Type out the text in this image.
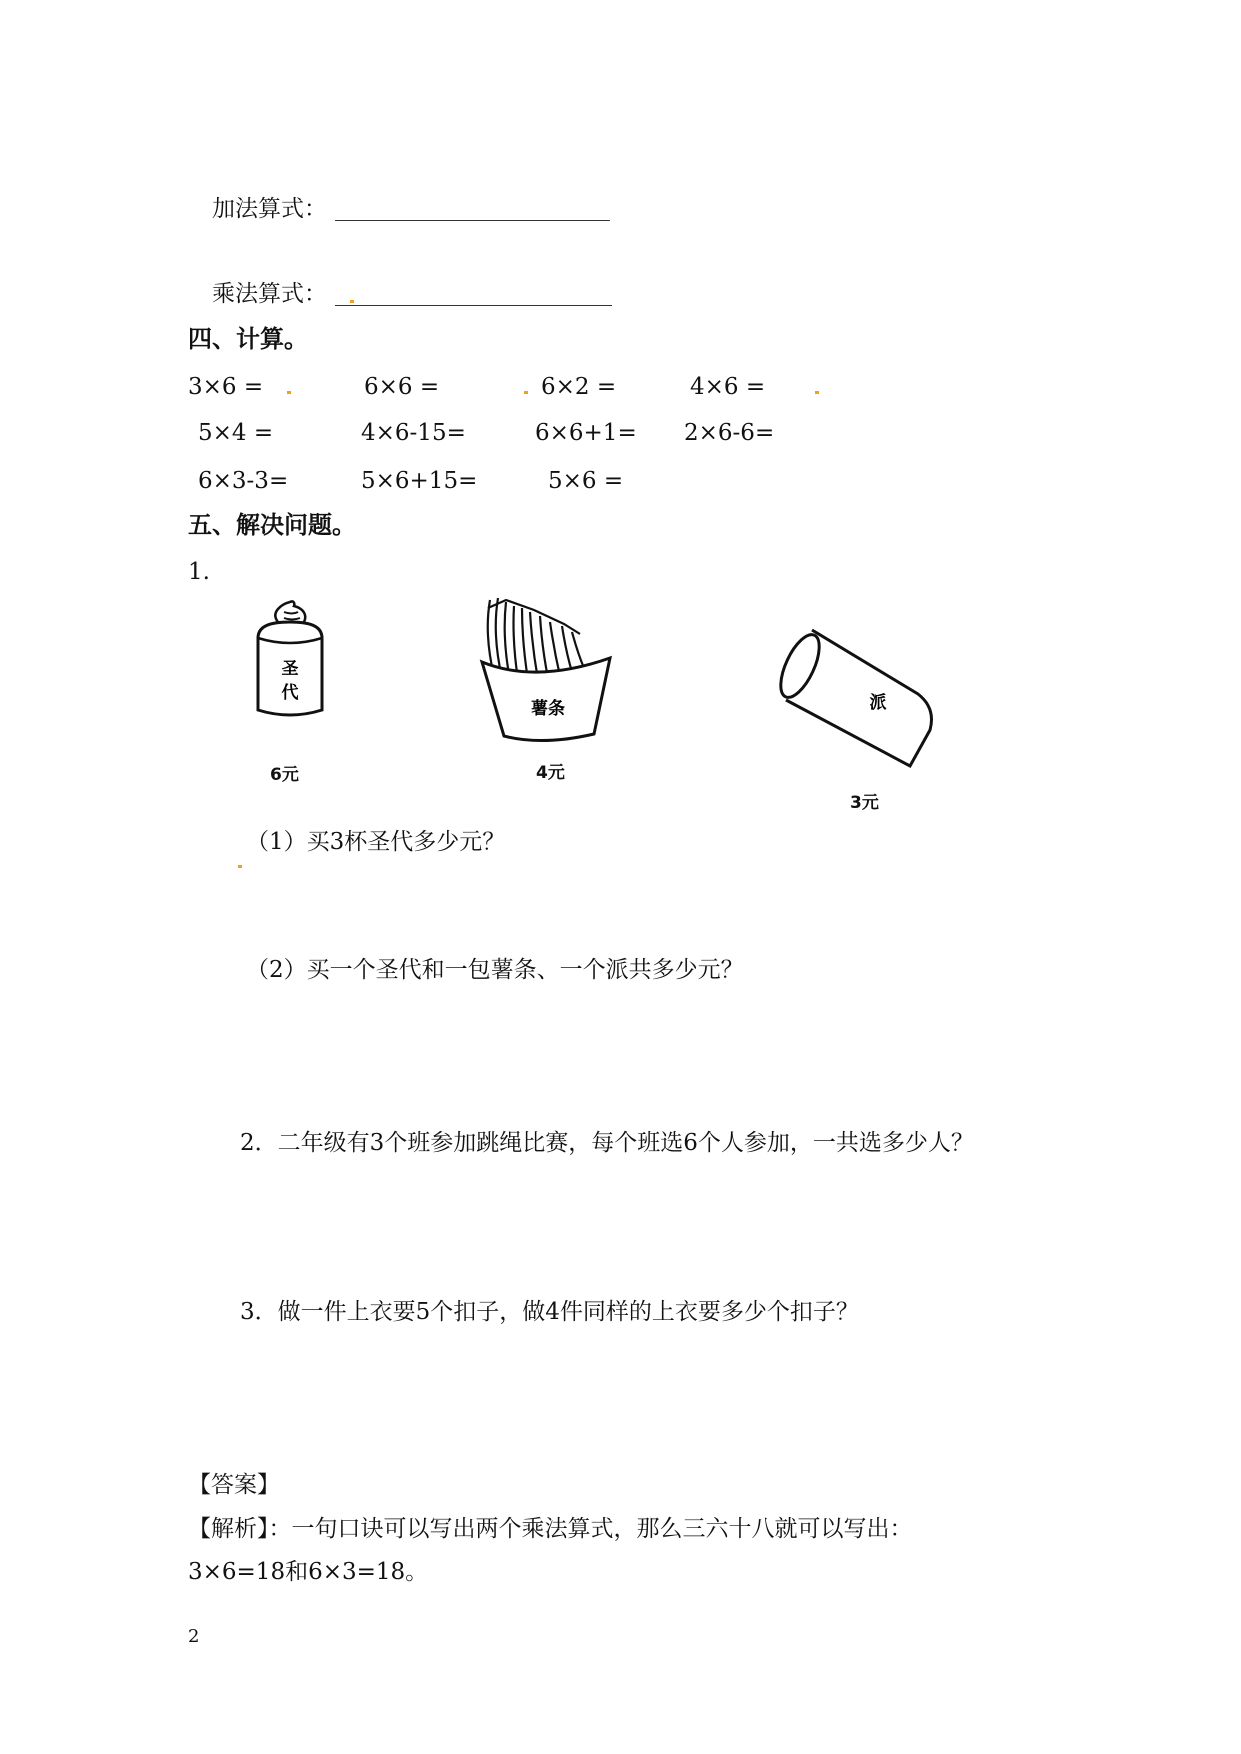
加法算式：
乘法算式：
四、计算。
3×6 =	6×6 =	6×2 =	4×6 =
5×4 =	4×6-15=	6×6+1= 2×6-6=
6×3-3=	5×6+15=	5×6 =
五、解决问题。
1.
圣
代
6元
薯条
4元
派
3元
（1）买3杯圣代多少元？
（2）买一个圣代和一包薯条、一个派共多少元？
2．二年级有3个班参加跳绳比赛，每个班选6个人参加，一共选多少人？
3．做一件上衣要5个扣子，做4件同样的上衣要多少个扣子？
【答案】
【解析】：一句口诀可以写出两个乘法算式，那么三六十八就可以写出：
3×6=18和6×3=18。
2
